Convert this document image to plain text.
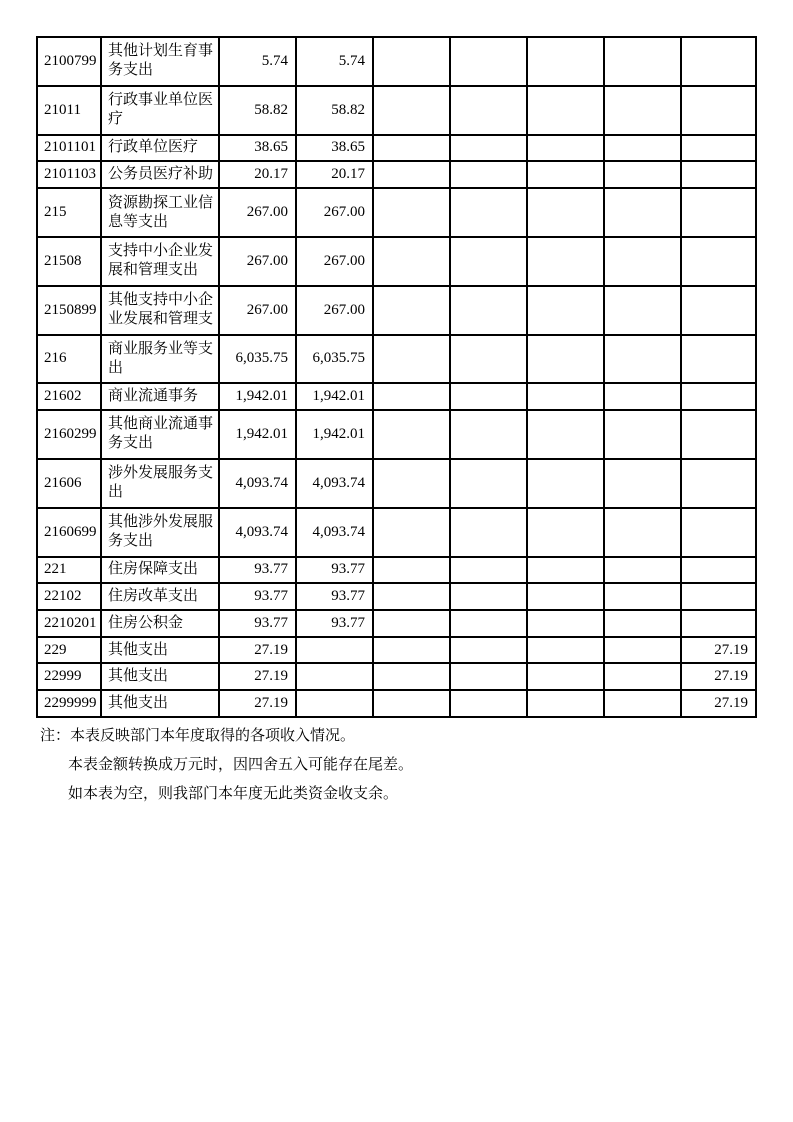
2100799	其他计划生育事务支出	5.74	5.74					
21011	行政事业单位医疗	58.82	58.82					
2101101	行政单位医疗	38.65	38.65					
2101103	公务员医疗补助	20.17	20.17					
215	资源勘探工业信息等支出	267.00	267.00					
21508	支持中小企业发展和管理支出	267.00	267.00					
2150899	其他支持中小企业发展和管理支	267.00	267.00					
216	商业服务业等支出	6,035.75	6,035.75					
21602	商业流通事务	1,942.01	1,942.01					
2160299	其他商业流通事务支出	1,942.01	1,942.01					
21606	涉外发展服务支出	4,093.74	4,093.74					
2160699	其他涉外发展服务支出	4,093.74	4,093.74					
221	住房保障支出	93.77	93.77					
22102	住房改革支出	93.77	93.77					
2210201	住房公积金	93.77	93.77					
229	其他支出	27.19						27.19
22999	其他支出	27.19						27.19
2299999	其他支出	27.19						27.19
注：本表反映部门本年度取得的各项收入情况。
本表金额转换成万元时，因四舍五入可能存在尾差。
如本表为空，则我部门本年度无此类资金收支余。
